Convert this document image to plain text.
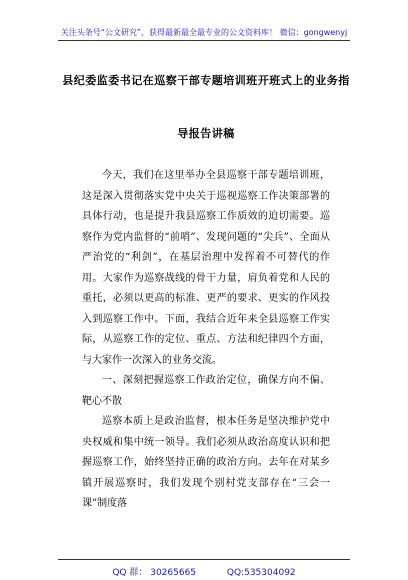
关注头条号“公文研究”，获得最新最全最专业的公文资料库！ 微信：gongwenyj
县纪委监委书记在巡察干部专题培训班开班式上的业务指
导报告讲稿

今天，我们在这里举办全县巡察干部专题培训班，这是深入贯彻落实党中央关于巡视巡察工作决策部署的具体行动，也是提升我县巡察工作质效的迫切需要。巡察作为党内监督的“前哨”、发现问题的“尖兵”、全面从严治党的“利剑”，在基层治理中发挥着不可替代的作用。大家作为巡察战线的骨干力量，肩负着党和人民的重托，必须以更高的标准、更严的要求、更实的作风投入到巡察工作中。下面，我结合近年来全县巡察工作实际，从巡察工作的定位、重点、方法和纪律四个方面，与大家作一次深入的业务交流。

一、深刻把握巡察工作政治定位，确保方向不偏、靶心不散

巡察本质上是政治监督，根本任务是坚决维护党中央权威和集中统一领导。我们必须从政治高度认识和把握巡察工作，始终坚持正确的政治方向。去年在对某乡镇开展巡察时，我们发现个别村党支部存在“三会一课”制度落

QQ 群： 30265665	QQ:535304092
